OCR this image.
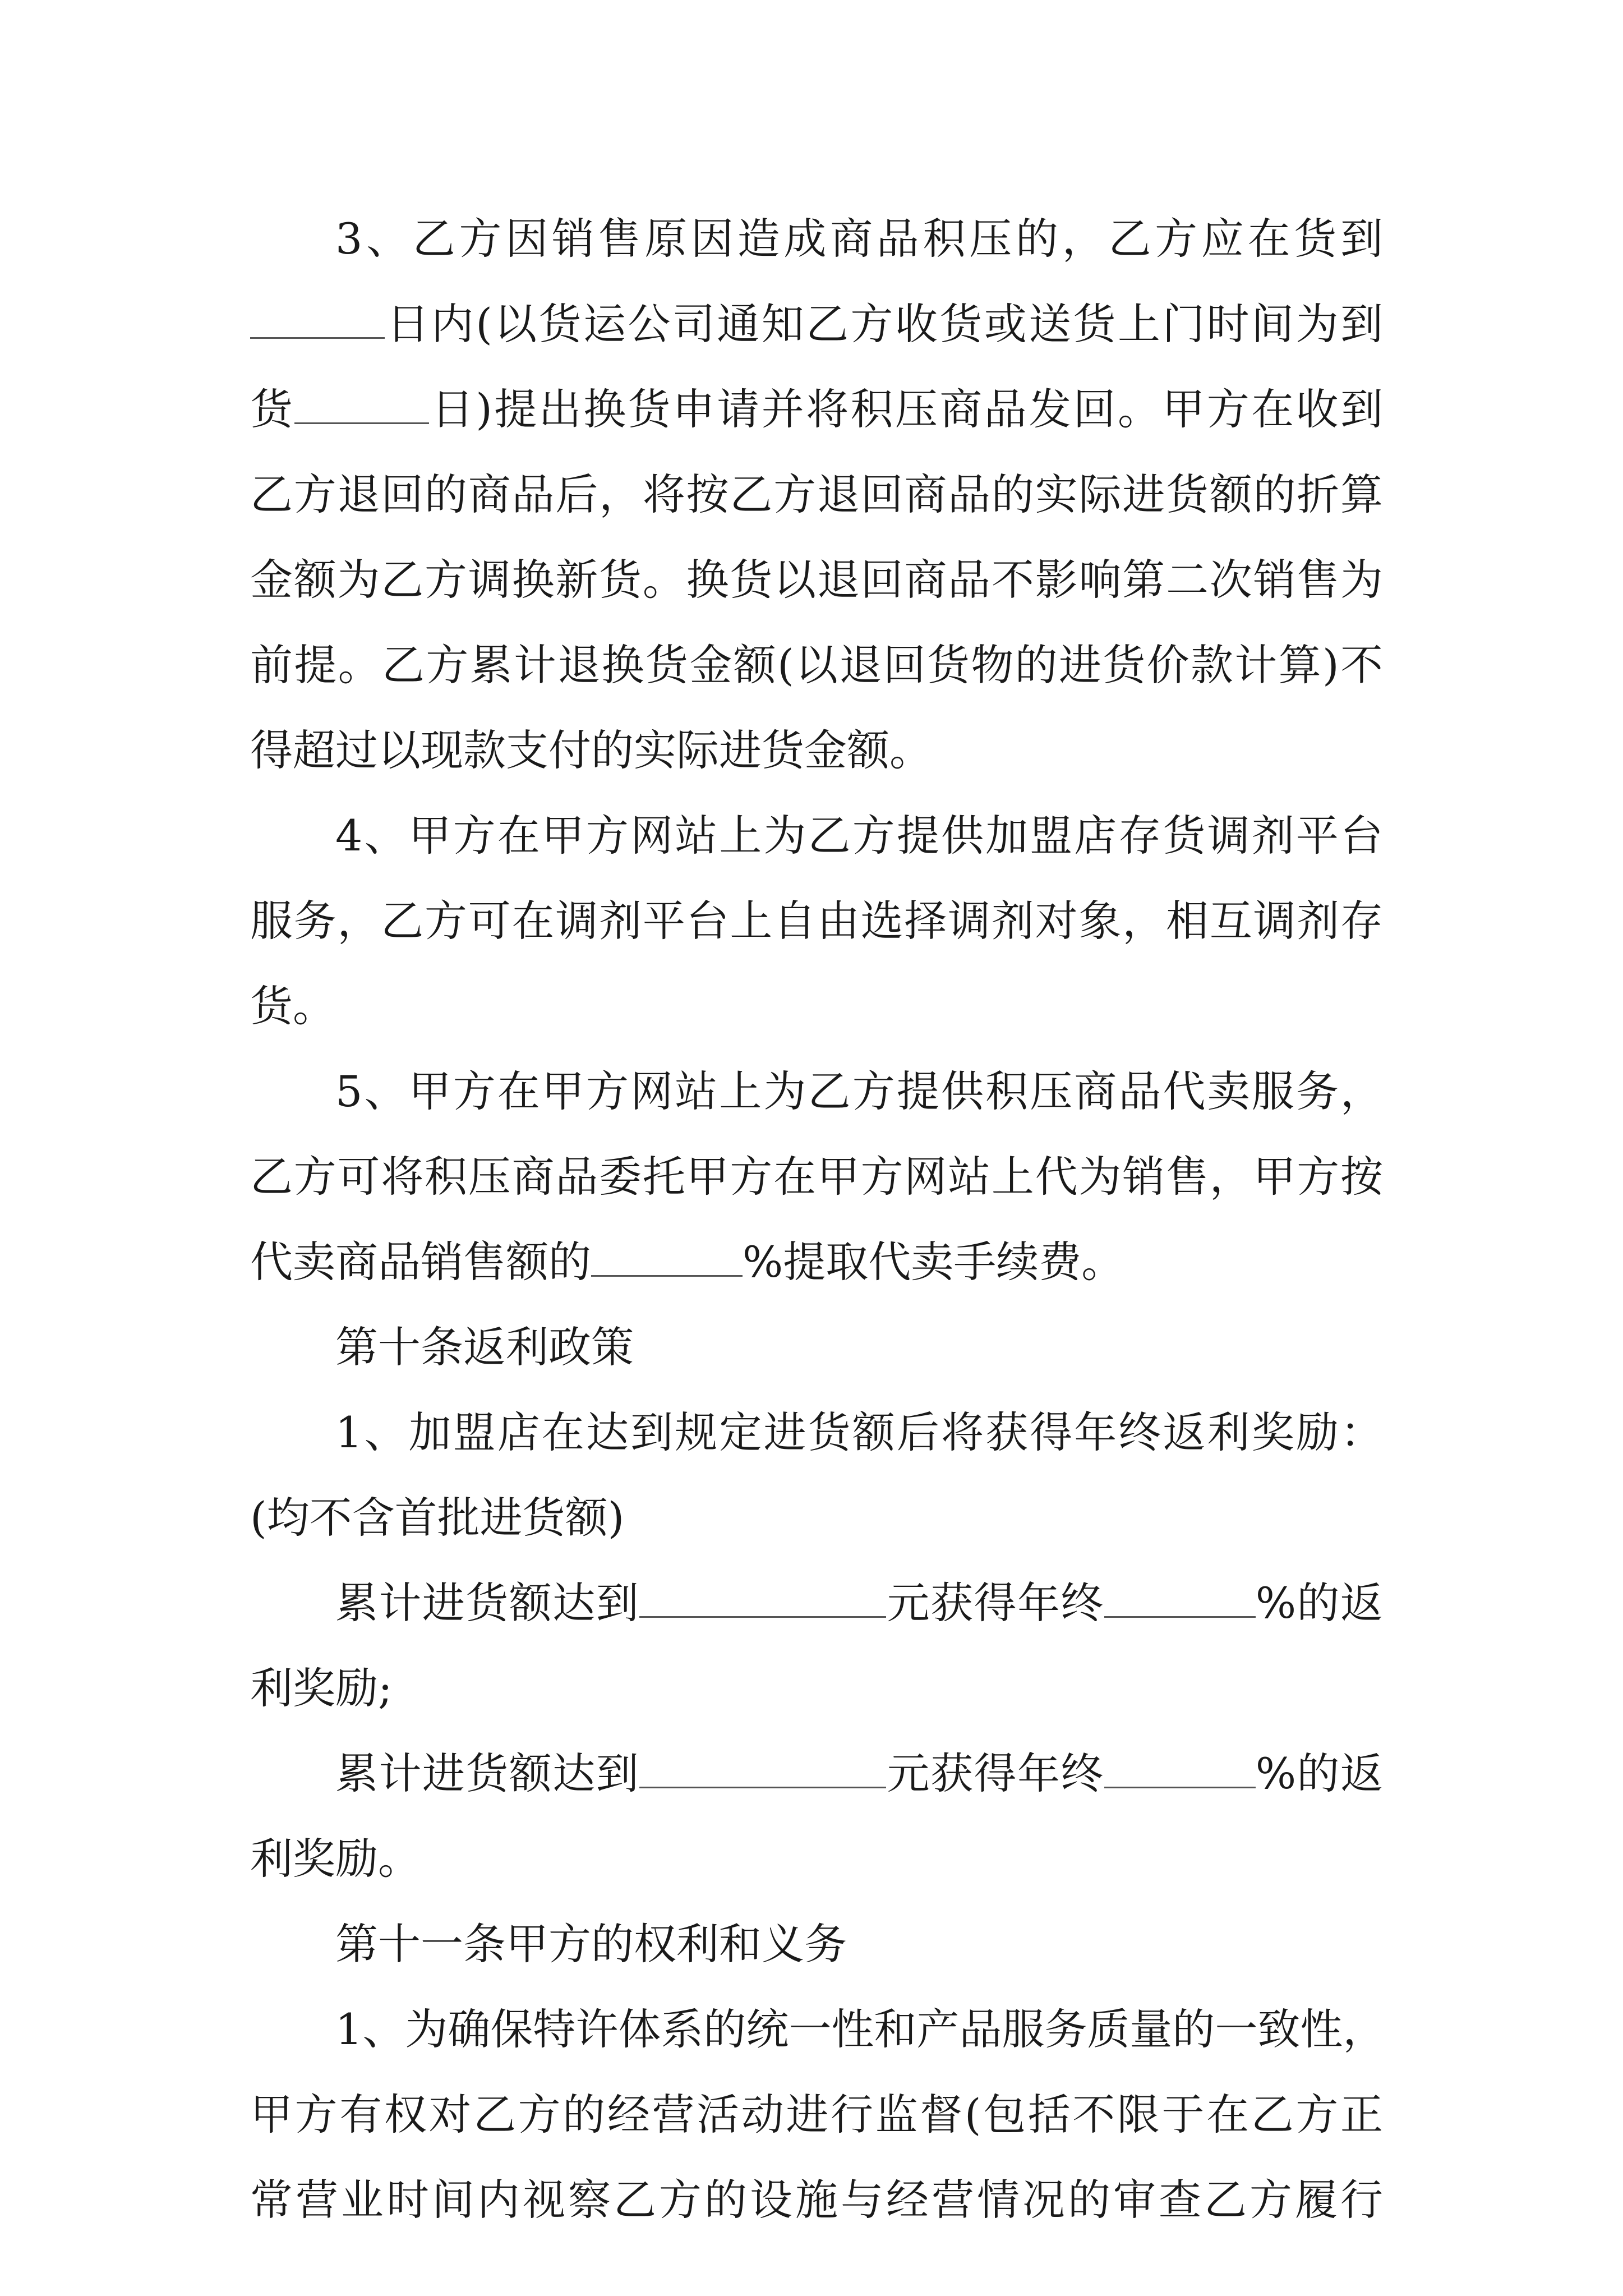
3、乙方因销售原因造成商品积压的，乙方应在货到
日内(以货运公司通知乙方收货或送货上门时间为到
货	日)提出换货申请并将积压商品发回。甲方在收到
乙方退回的商品后，将按乙方退回商品的实际进货额的折算
金额为乙方调换新货。换货以退回商品不影响第二次销售为
前提。乙方累计退换货金额(以退回货物的进货价款计算)不
得超过以现款支付的实际进货金额。
4、甲方在甲方网站上为乙方提供加盟店存货调剂平台
服务，乙方可在调剂平台上自由选择调剂对象，相互调剂存
货。
5、甲方在甲方网站上为乙方提供积压商品代卖服务，
乙方可将积压商品委托甲方在甲方网站上代为销售，甲方按
代卖商品销售额的	%提取代卖手续费。
第十条返利政策
1、加盟店在达到规定进货额后将获得年终返利奖励：
(均不含首批进货额)
累计进货额达到	元获得年终	%的返
利奖励;
累计进货额达到	元获得年终	%的返
利奖励。
第十一条甲方的权利和义务
1、为确保特许体系的统一性和产品服务质量的一致性，
甲方有权对乙方的经营活动进行监督(包括不限于在乙方正
常营业时间内视察乙方的设施与经营情况的审查乙方履行
